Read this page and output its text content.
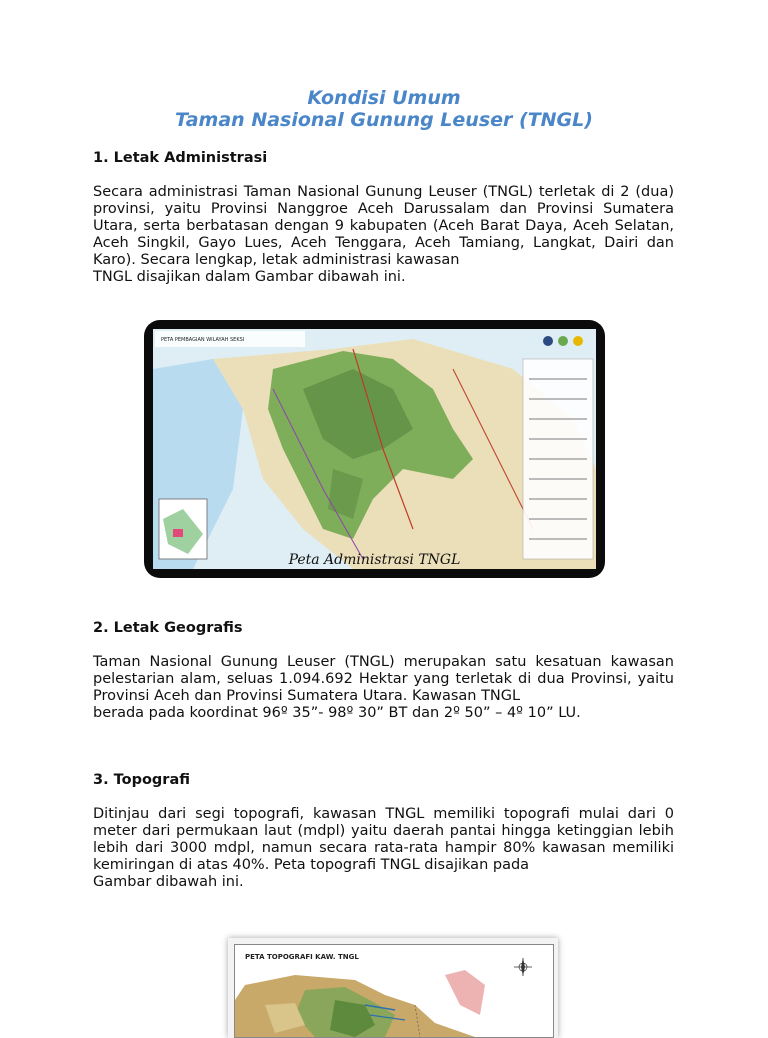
Kondisi Umum
Taman Nasional Gunung Leuser (TNGL)
1. Letak Administrasi
Secara administrasi Taman Nasional Gunung Leuser (TNGL) terletak di 2 (dua) provinsi, yaitu Provinsi Nanggroe Aceh Darussalam dan Provinsi Sumatera Utara, serta berbatasan dengan 9 kabupaten (Aceh Barat Daya, Aceh Selatan, Aceh Singkil, Gayo Lues, Aceh Tenggara, Aceh Tamiang, Langkat, Dairi dan Karo). Secara lengkap, letak administrasi kawasan
TNGL disajikan dalam Gambar dibawah ini.
PETA PEMBAGIAN WILAYAH SEKSI
Peta Administrasi TNGL
2. Letak Geografis
Taman Nasional Gunung Leuser (TNGL) merupakan satu kesatuan kawasan pelestarian alam, seluas 1.094.692 Hektar yang terletak di dua Provinsi, yaitu Provinsi Aceh dan Provinsi Sumatera Utara. Kawasan TNGL
berada pada koordinat 96º 35”- 98º 30” BT dan 2º 50” – 4º 10” LU.
3. Topografi
Ditinjau dari segi topografi, kawasan TNGL memiliki topografi mulai dari 0 meter dari permukaan laut (mdpl) yaitu daerah pantai hingga ketinggian lebih lebih dari 3000 mdpl, namun secara rata-rata hampir 80% kawasan memiliki kemiringan di atas 40%. Peta topografi TNGL disajikan pada
Gambar dibawah ini.
PETA TOPOGRAFI KAW. TNGL
